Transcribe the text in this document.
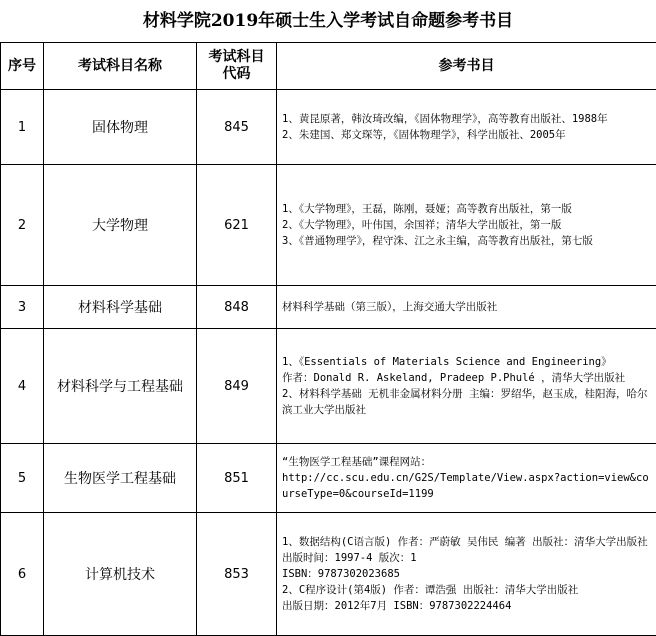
材料学院2019年硕士生入学考试自命题参考书目
序号	考试科目名称	考试科目代码	参考书目
1	固体物理	845	1、黄昆原著，韩汝琦改编，《固体物理学》，高等教育出版社、1988年
2、朱建国、郑文琛等，《固体物理学》，科学出版社、2005年

2	大学物理	621	1、《大学物理》，王磊，陈刚，聂娅；高等教育出版社，第一版
2、《大学物理》，叶伟国，余国祥；清华大学出版社，第一版
3、《普通物理学》，程守洙、江之永主编，高等教育出版社，第七版

3	材料科学基础	848	材料科学基础（第三版），上海交通大学出版社

4	材料科学与工程基础	849	1、《Essentials of Materials Science and Engineering》
作者：Donald R. Askeland, Pradeep P.Phulé ，清华大学出版社
2、材料科学基础 无机非金属材料分册 主编：罗绍华，赵玉成，桂阳海，哈尔滨工业大学出版社

5	生物医学工程基础	851	“生物医学工程基础”课程网站：
http://cc.scu.edu.cn/G2S/Template/View.aspx?action=view&courseType=0&courseId=1199

6	计算机技术	853	1、数据结构(C语言版) 作者：严蔚敏 吴伟民 编著 出版社：清华大学出版社 出版时间：1997-4 版次：1
ISBN：9787302023685
2、C程序设计(第4版) 作者：谭浩强 出版社：清华大学出版社
出版日期：2012年7月 ISBN：9787302224464
